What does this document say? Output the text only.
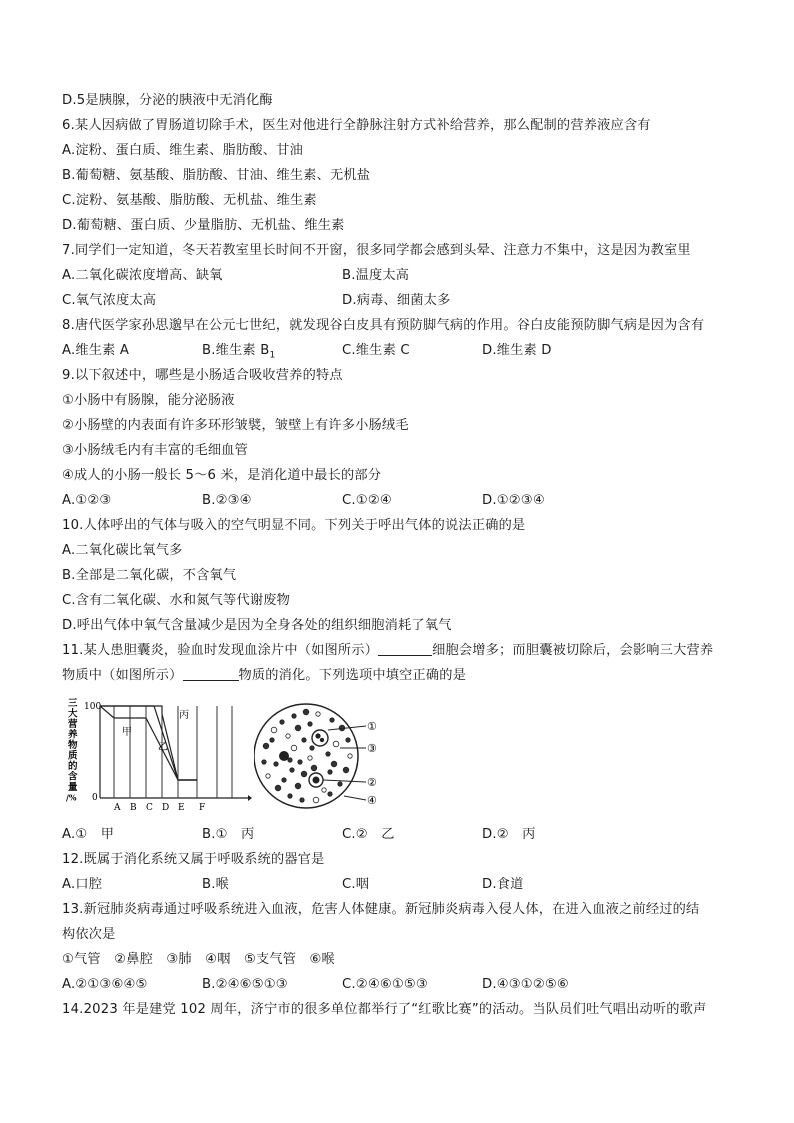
D.5是胰腺，分泌的胰液中无消化酶
6.某人因病做了胃肠道切除手术，医生对他进行全静脉注射方式补给营养，那么配制的营养液应含有
A.淀粉、蛋白质、维生素、脂肪酸、甘油
B.葡萄糖、氨基酸、脂肪酸、甘油、维生素、无机盐
C.淀粉、氨基酸、脂肪酸、无机盐、维生素
D.葡萄糖、蛋白质、少量脂肪、无机盐、维生素
7.同学们一定知道，冬天若教室里长时间不开窗，很多同学都会感到头晕、注意力不集中，这是因为教室里
A.二氧化碳浓度增高、缺氧	B.温度太高
C.氧气浓度太高	D.病毒、细菌太多
8.唐代医学家孙思邈早在公元七世纪，就发现谷白皮具有预防脚气病的作用。谷白皮能预防脚气病是因为含有
A.维生素 A	B.维生素 $B_1$	C.维生素 C	D.维生素 D
9.以下叙述中，哪些是小肠适合吸收营养的特点
①小肠中有肠腺，能分泌肠液
②小肠壁的内表面有许多环形皱襞，皱壁上有许多小肠绒毛
③小肠绒毛内有丰富的毛细血管
④成人的小肠一般长 5～6 米，是消化道中最长的部分
A.①②③	B.②③④	C.①②④	D.①②③④
10.人体呼出的气体与吸入的空气明显不同。下列关于呼出气体的说法正确的是
A.二氧化碳比氧气多
B.全部是二氧化碳，不含氧气
C.含有二氧化碳、水和氮气等代谢废物
D.呼出气体中氧气含量减少是因为全身各处的组织细胞消耗了氧气
11.某人患胆囊炎，验血时发现血涂片中（如图所示）	细胞会增多；而胆囊被切除后，会影响三大营养
物质中（如图所示）	物质的消化。下列选项中填空正确的是
三
大
营
养
物
质
的
含
量
/%
100
0
甲
乙
丙
A B C D E F
①
③
②
④
A.①　甲	B.①　丙	C.②　乙	D.②　丙
12.既属于消化系统又属于呼吸系统的器官是
A.口腔	B.喉	C.咽	D.食道
13.新冠肺炎病毒通过呼吸系统进入血液，危害人体健康。新冠肺炎病毒入侵人体，在进入血液之前经过的结
构依次是
①气管　②鼻腔　③肺　④咽　⑤支气管　⑥喉
A.②①③⑥④⑤	B.②④⑥⑤①③	C.②④⑥①⑤③	D.④③①②⑤⑥
14.2023 年是建党 102 周年，济宁市的很多单位都举行了“红歌比赛”的活动。当队员们吐气唱出动听的歌声
